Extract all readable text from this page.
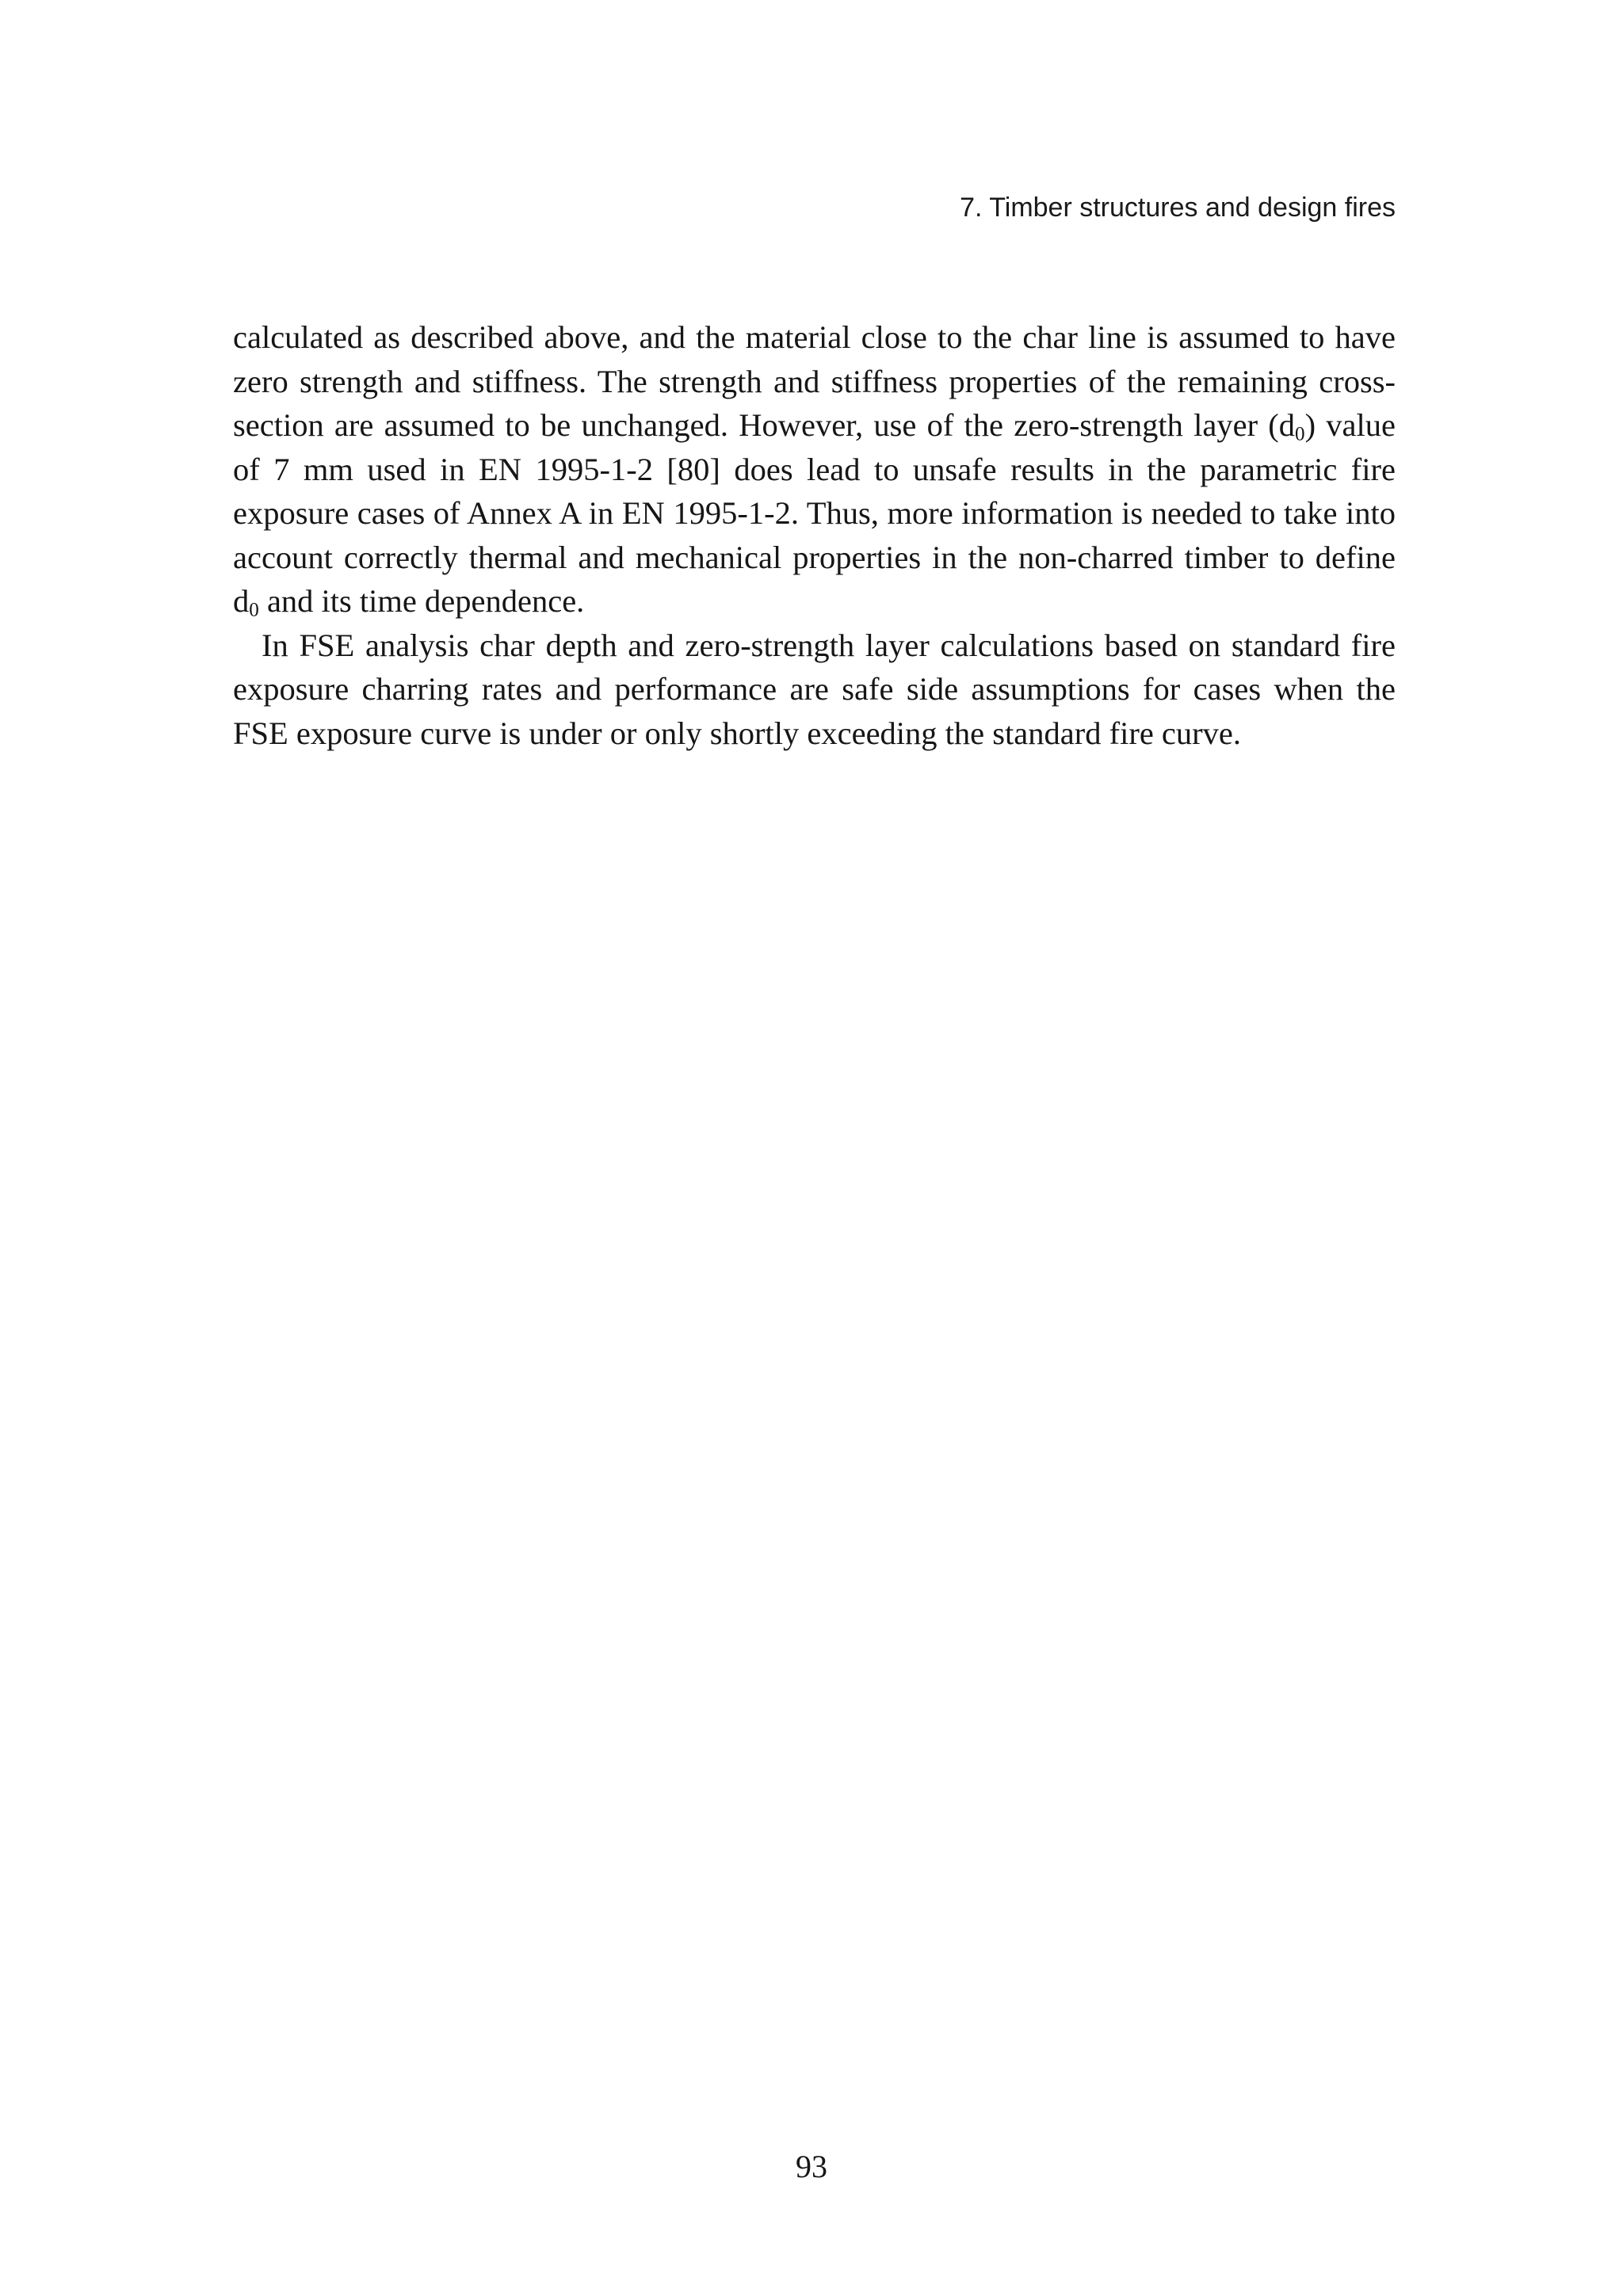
7. Timber structures and design fires

calculated as described above, and the material close to the char line is assumed to have zero strength and stiffness. The strength and stiffness properties of the remaining cross-section are assumed to be unchanged. However, use of the zero-strength layer $(d_0)$ value of 7 mm used in EN 1995-1-2 [80] does lead to unsafe results in the parametric fire exposure cases of Annex A in EN 1995-1-2. Thus, more information is needed to take into account correctly thermal and mechanical properties in the non-charred timber to define $d_0$ and its time dependence.

In FSE analysis char depth and zero-strength layer calculations based on standard fire exposure charring rates and performance are safe side assumptions for cases when the FSE exposure curve is under or only shortly exceeding the standard fire curve.

93
